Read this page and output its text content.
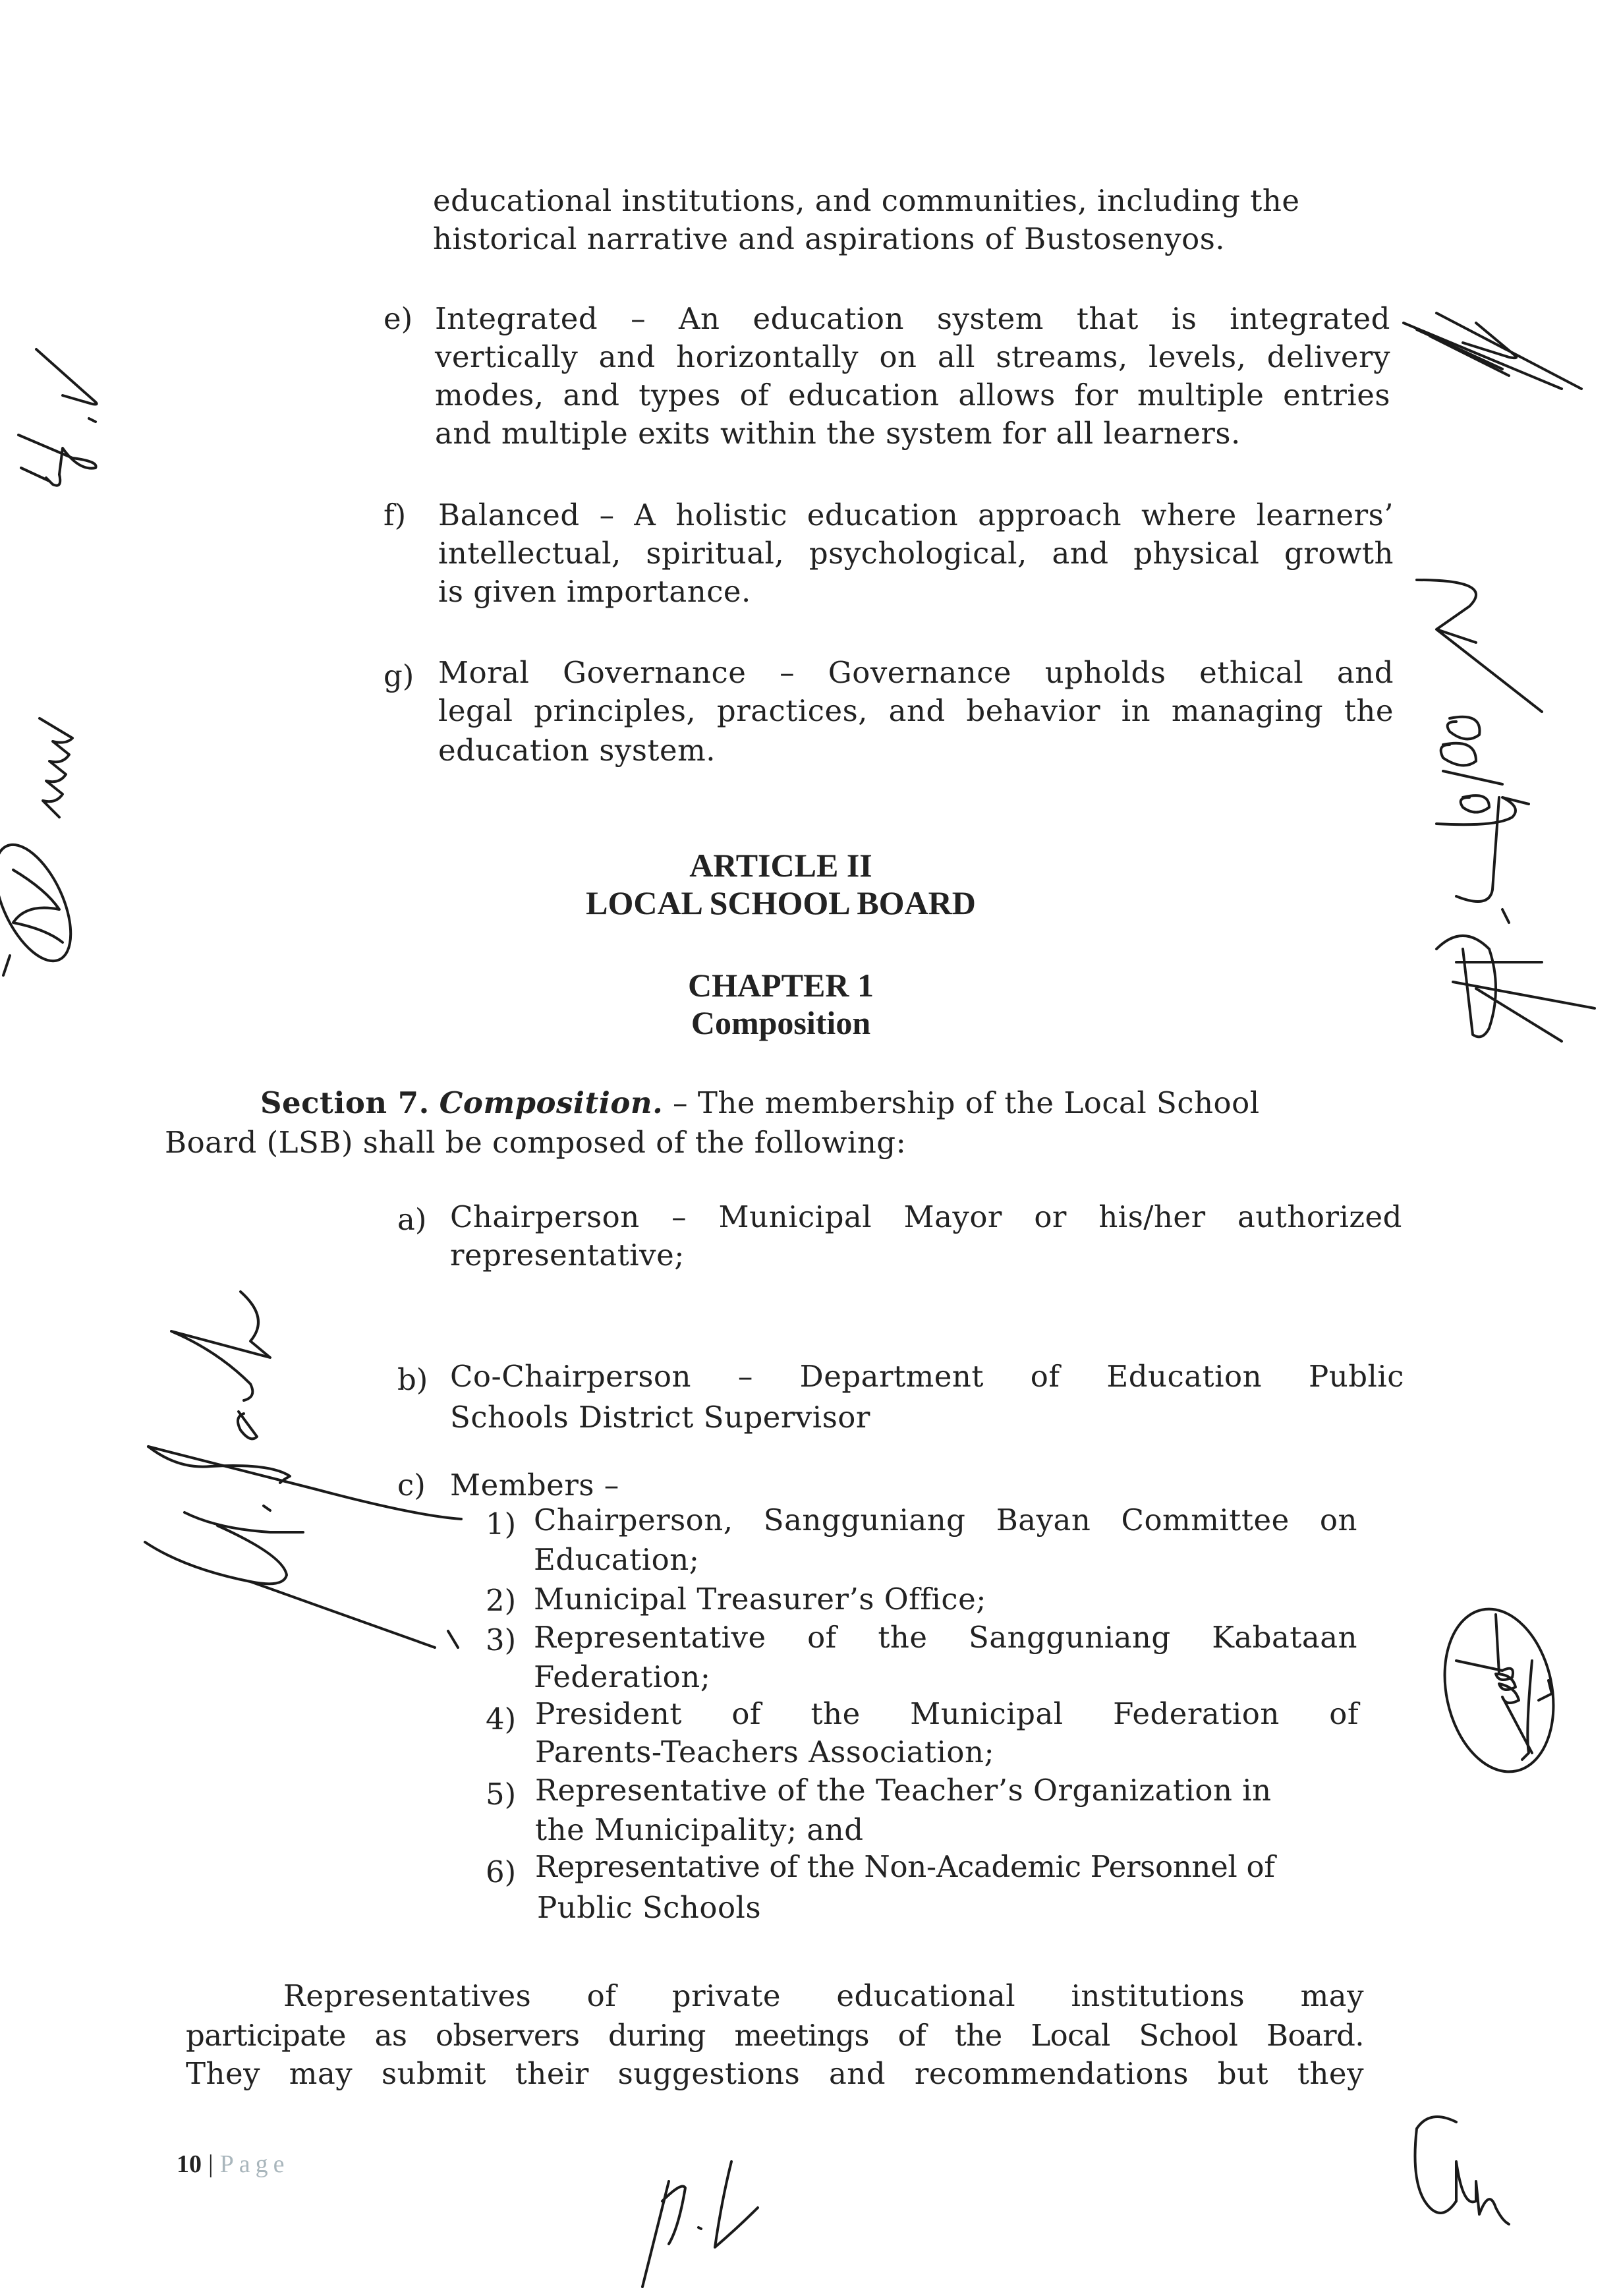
educational institutions, and communities, including the
historical narrative and aspirations of Bustosenyos.
e) Integrated – An education system that is integrated
vertically and horizontally on all streams, levels, delivery
modes, and types of education allows for multiple entries
and multiple exits within the system for all learners.
f) Balanced – A holistic education approach where learners’
intellectual, spiritual, psychological, and physical growth
is given importance.
g) Moral Governance – Governance upholds ethical and
legal principles, practices, and behavior in managing the
education system.
ARTICLE II
LOCAL SCHOOL BOARD
CHAPTER 1
Composition
Section 7. Composition. – The membership of the Local School
Board (LSB) shall be composed of the following:
a) Chairperson – Municipal Mayor or his/her authorized
representative;
b) Co-Chairperson – Department of Education Public
Schools District Supervisor
c) Members –
1) Chairperson, Sangguniang Bayan Committee on
Education;
2) Municipal Treasurer’s Office;
3) Representative of the Sangguniang Kabataan
Federation;
4) President of the Municipal Federation of
Parents-Teachers Association;
5) Representative of the Teacher’s Organization in
the Municipality; and
6) Representative of the Non-Academic Personnel of
Public Schools
Representatives of private educational institutions may
participate as observers during meetings of the Local School Board.
They may submit their suggestions and recommendations but they
10 | Page
